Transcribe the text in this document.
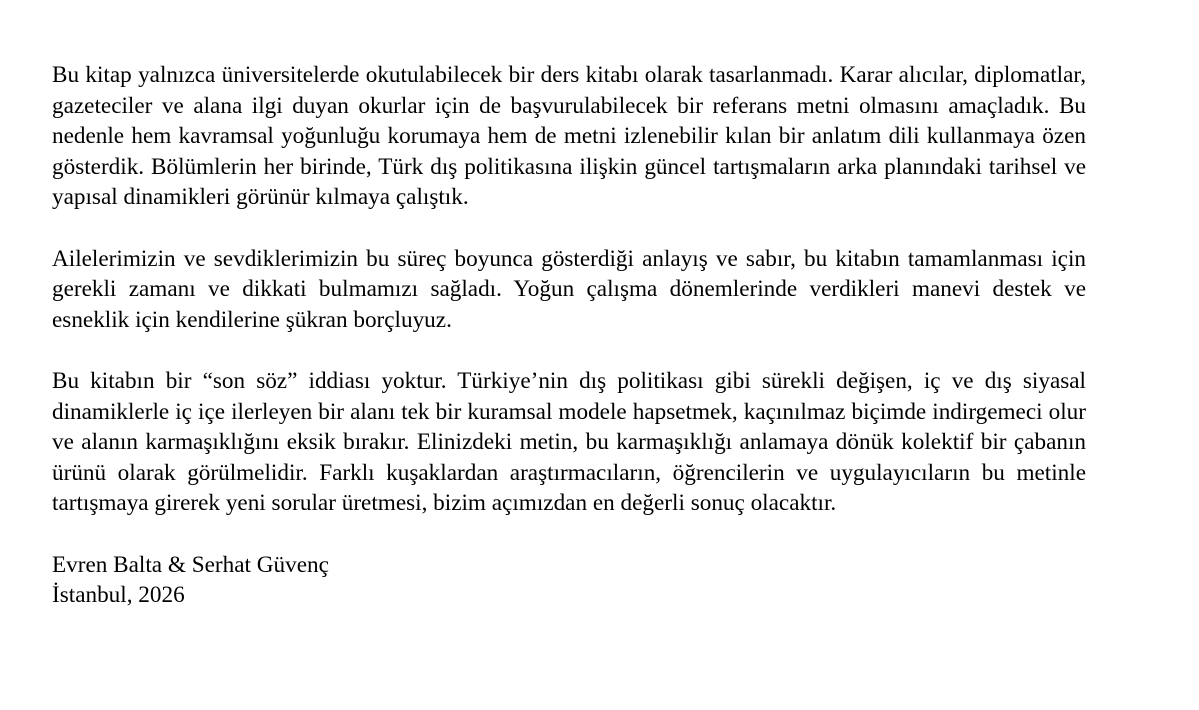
Bu kitap yalnızca üniversitelerde okutulabilecek bir ders kitabı olarak tasarlanmadı. Karar alıcılar, diplomatlar, gazeteciler ve alana ilgi duyan okurlar için de başvurulabilecek bir referans metni olmasını amaçladık. Bu nedenle hem kavramsal yoğunluğu korumaya hem de metni izlenebilir kılan bir anlatım dili kullanmaya özen gösterdik. Bölümlerin her birinde, Türk dış politikasına ilişkin güncel tartışmaların arka planındaki tarihsel ve yapısal dinamikleri görünür kılmaya çalıştık.

Ailelerimizin ve sevdiklerimizin bu süreç boyunca gösterdiği anlayış ve sabır, bu kitabın tamamlanması için gerekli zamanı ve dikkati bulmamızı sağladı. Yoğun çalışma dönemlerinde verdikleri manevi destek ve esneklik için kendilerine şükran borçluyuz.

Bu kitabın bir “son söz” iddiası yoktur. Türkiye’nin dış politikası gibi sürekli değişen, iç ve dış siyasal dinamiklerle iç içe ilerleyen bir alanı tek bir kuramsal modele hapsetmek, kaçınılmaz biçimde indirgemeci olur ve alanın karmaşıklığını eksik bırakır. Elinizdeki metin, bu karmaşıklığı anlamaya dönük kolektif bir çabanın ürünü olarak görülmelidir. Farklı kuşaklardan araştırmacıların, öğrencilerin ve uygulayıcıların bu metinle tartışmaya girerek yeni sorular üretmesi, bizim açımızdan en değerli sonuç olacaktır.

Evren Balta & Serhat Güvenç
İstanbul, 2026
